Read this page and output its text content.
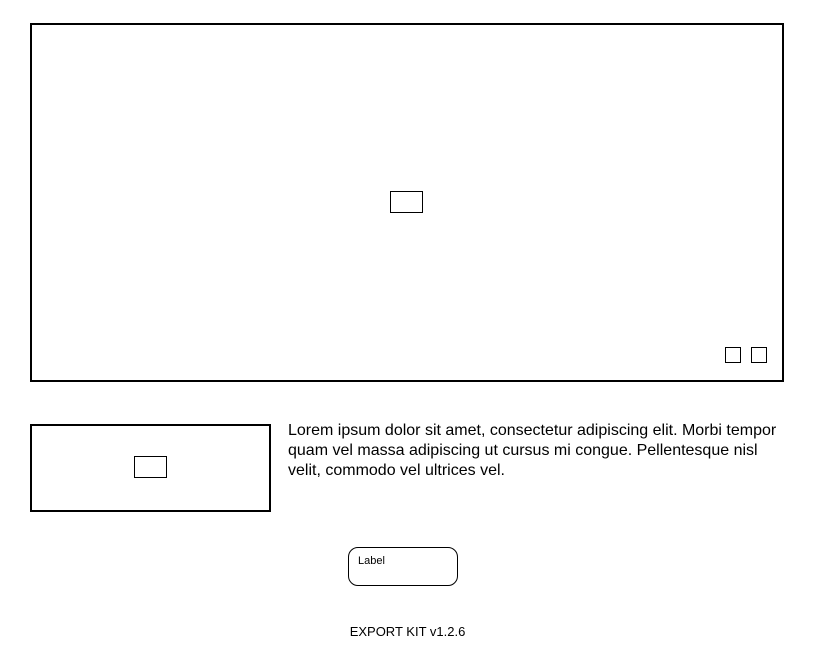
Lorem ipsum dolor sit amet, consectetur adipiscing elit. Morbi tempor quam vel massa adipiscing ut cursus mi congue. Pellentesque nisl velit, commodo vel ultrices vel.

Label
EXPORT KIT v1.2.6
